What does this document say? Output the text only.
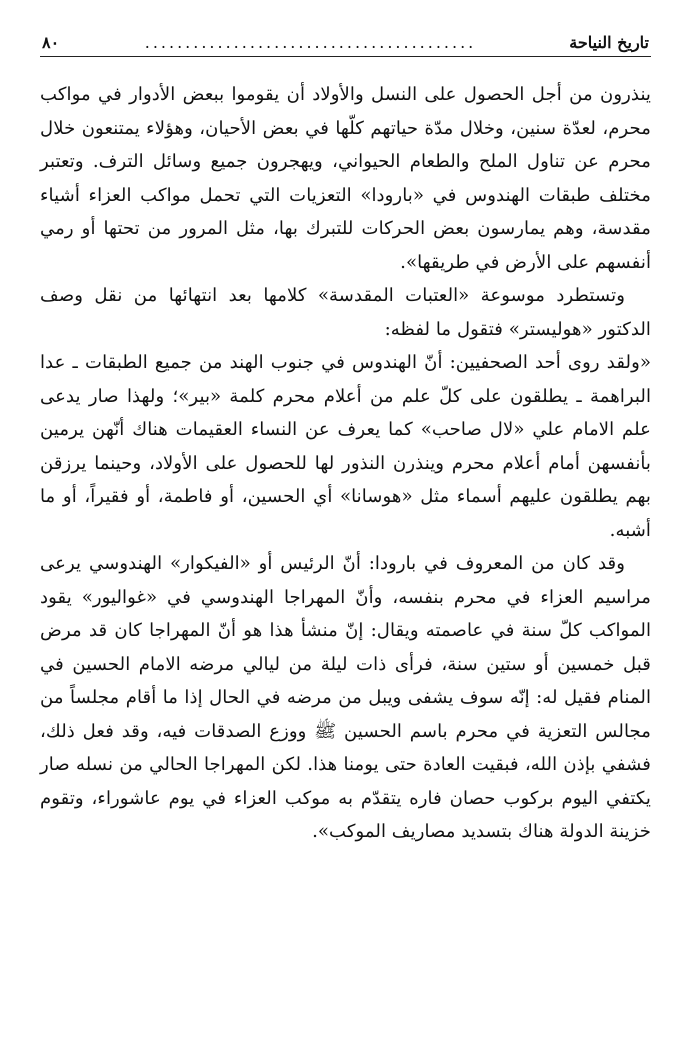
٨٠	.........................................	تاريخ النياحة

ينذرون من أجل الحصول على النسل والأولاد أن يقوموا ببعض الأدوار في مواكب محرم، لعدّة سنين، وخلال مدّة حياتهم كلّها في بعض الأحيان، وهؤلاء يمتنعون خلال محرم عن تناول الملح والطعام الحيواني، ويهجرون جميع وسائل الترف. وتعتبر مختلف طبقات الهندوس في «بارودا» التعزيات التي تحمل مواكب العزاء أشياء مقدسة، وهم يمارسون بعض الحركات للتبرك بها، مثل المرور من تحتها أو رمي أنفسهم على الأرض في طريقها».

وتستطرد موسوعة «العتبات المقدسة» كلامها بعد انتهائها من نقل وصف الدكتور «هوليستر» فتقول ما لفظه:

«ولقد روى أحد الصحفيين: أنّ الهندوس في جنوب الهند من جميع الطبقات ـ عدا البراهمة ـ يطلقون على كلّ علم من أعلام محرم كلمة «بير»؛ ولهذا صار يدعى علم الامام علي «لال صاحب» كما يعرف عن النساء العقيمات هناك أنّهن يرمين بأنفسهن أمام أعلام محرم وينذرن النذور لها للحصول على الأولاد، وحينما يرزقن بهم يطلقون عليهم أسماء مثل «هوسانا» أي الحسين، أو فاطمة، أو فقيراً، أو ما أشبه.

وقد كان من المعروف في بارودا: أنّ الرئيس أو «الفيكوار» الهندوسي يرعى مراسيم العزاء في محرم بنفسه، وأنّ المهراجا الهندوسي في «غواليور» يقود المواكب كلّ سنة في عاصمته ويقال: إنّ منشأ هذا هو أنّ المهراجا كان قد مرض قبل خمسين أو ستين سنة، فرأى ذات ليلة من ليالي مرضه الامام الحسين في المنام فقيل له: إنّه سوف يشفى ويبل من مرضه في الحال إذا ما أقام مجلساً من مجالس التعزية في محرم باسم الحسين ﷺ ووزع الصدقات فيه، وقد فعل ذلك، فشفي بإذن الله، فبقيت العادة حتى يومنا هذا. لكن المهراجا الحالي من نسله صار يكتفي اليوم بركوب حصان فاره يتقدّم به موكب العزاء في يوم عاشوراء، وتقوم خزينة الدولة هناك بتسديد مصاريف الموكب».
